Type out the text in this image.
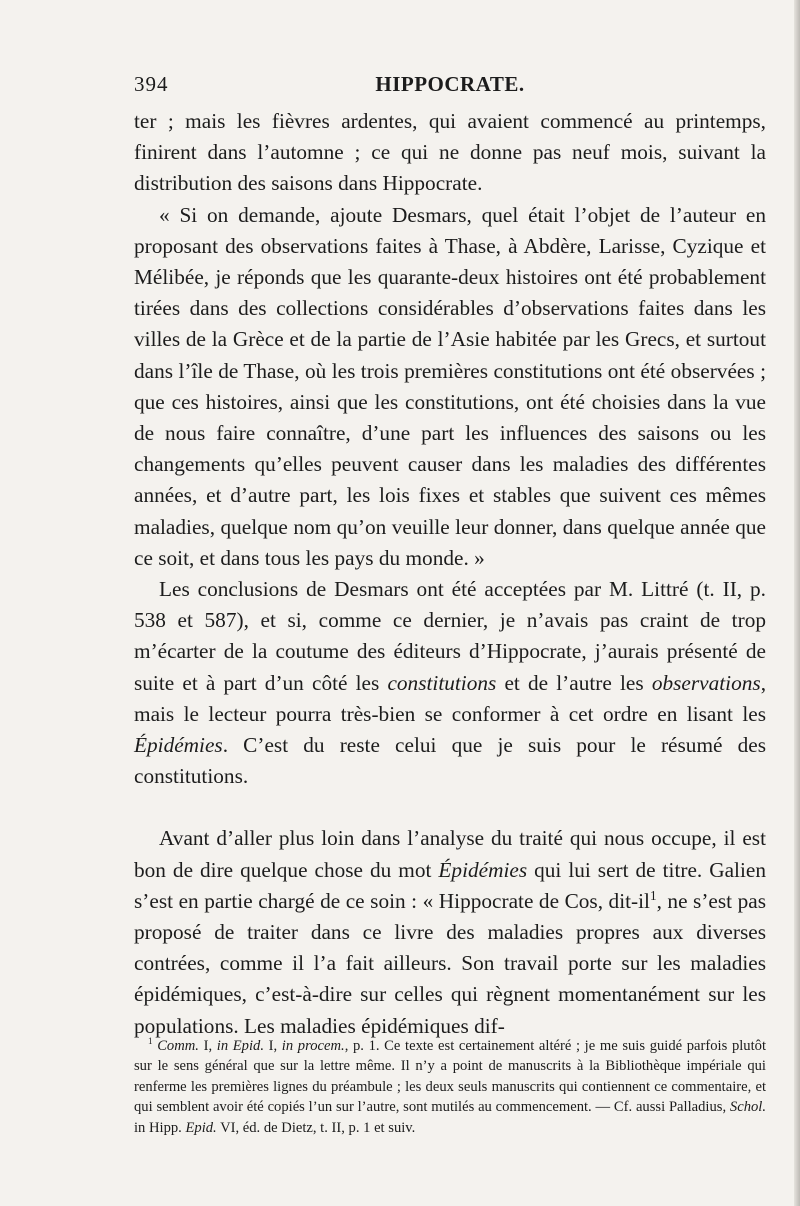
394	HIPPOCRATE.

ter ; mais les fièvres ardentes, qui avaient commencé au printemps, finirent dans l’automne ; ce qui ne donne pas neuf mois, suivant la distribution des saisons dans Hippocrate.

« Si on demande, ajoute Desmars, quel était l’objet de l’auteur en proposant des observations faites à Thase, à Abdère, Larisse, Cyzique et Mélibée, je réponds que les quarante-deux histoires ont été probablement tirées dans des collections considérables d’observations faites dans les villes de la Grèce et de la partie de l’Asie habitée par les Grecs, et surtout dans l’île de Thase, où les trois premières constitutions ont été observées ; que ces histoires, ainsi que les constitutions, ont été choisies dans la vue de nous faire connaître, d’une part les influences des saisons ou les changements qu’elles peuvent causer dans les maladies des différentes années, et d’autre part, les lois fixes et stables que suivent ces mêmes maladies, quelque nom qu’on veuille leur donner, dans quelque année que ce soit, et dans tous les pays du monde. »

Les conclusions de Desmars ont été acceptées par M. Littré (t. II, p. 538 et 587), et si, comme ce dernier, je n’avais pas craint de trop m’écarter de la coutume des éditeurs d’Hippocrate, j’aurais présenté de suite et à part d’un côté les constitutions et de l’autre les observations, mais le lecteur pourra très-bien se conformer à cet ordre en lisant les Épidémies. C’est du reste celui que je suis pour le résumé des constitutions.

Avant d’aller plus loin dans l’analyse du traité qui nous occupe, il est bon de dire quelque chose du mot Épidémies qui lui sert de titre. Galien s’est en partie chargé de ce soin : « Hippocrate de Cos, dit-$il^1$, ne s’est pas proposé de traiter dans ce livre des maladies propres aux diverses contrées, comme il l’a fait ailleurs. Son travail porte sur les maladies épidémiques, c’est-à-dire sur celles qui règnent momentanément sur les populations. Les maladies épidémiques dif-

$^1$ Comm. I, in Epid. I, in procem., p. 1. Ce texte est certainement altéré ; je me suis guidé parfois plutôt sur le sens général que sur la lettre même. Il n’y a point de manuscrits à la Bibliothèque impériale qui renferme les premières lignes du préambule ; les deux seuls manuscrits qui contiennent ce commentaire, et qui semblent avoir été copiés l’un sur l’autre, sont mutilés au commencement. — Cf. aussi Palladius, Schol. in Hipp. Epid. VI, éd. de Dietz, t. II, p. 1 et suiv.
